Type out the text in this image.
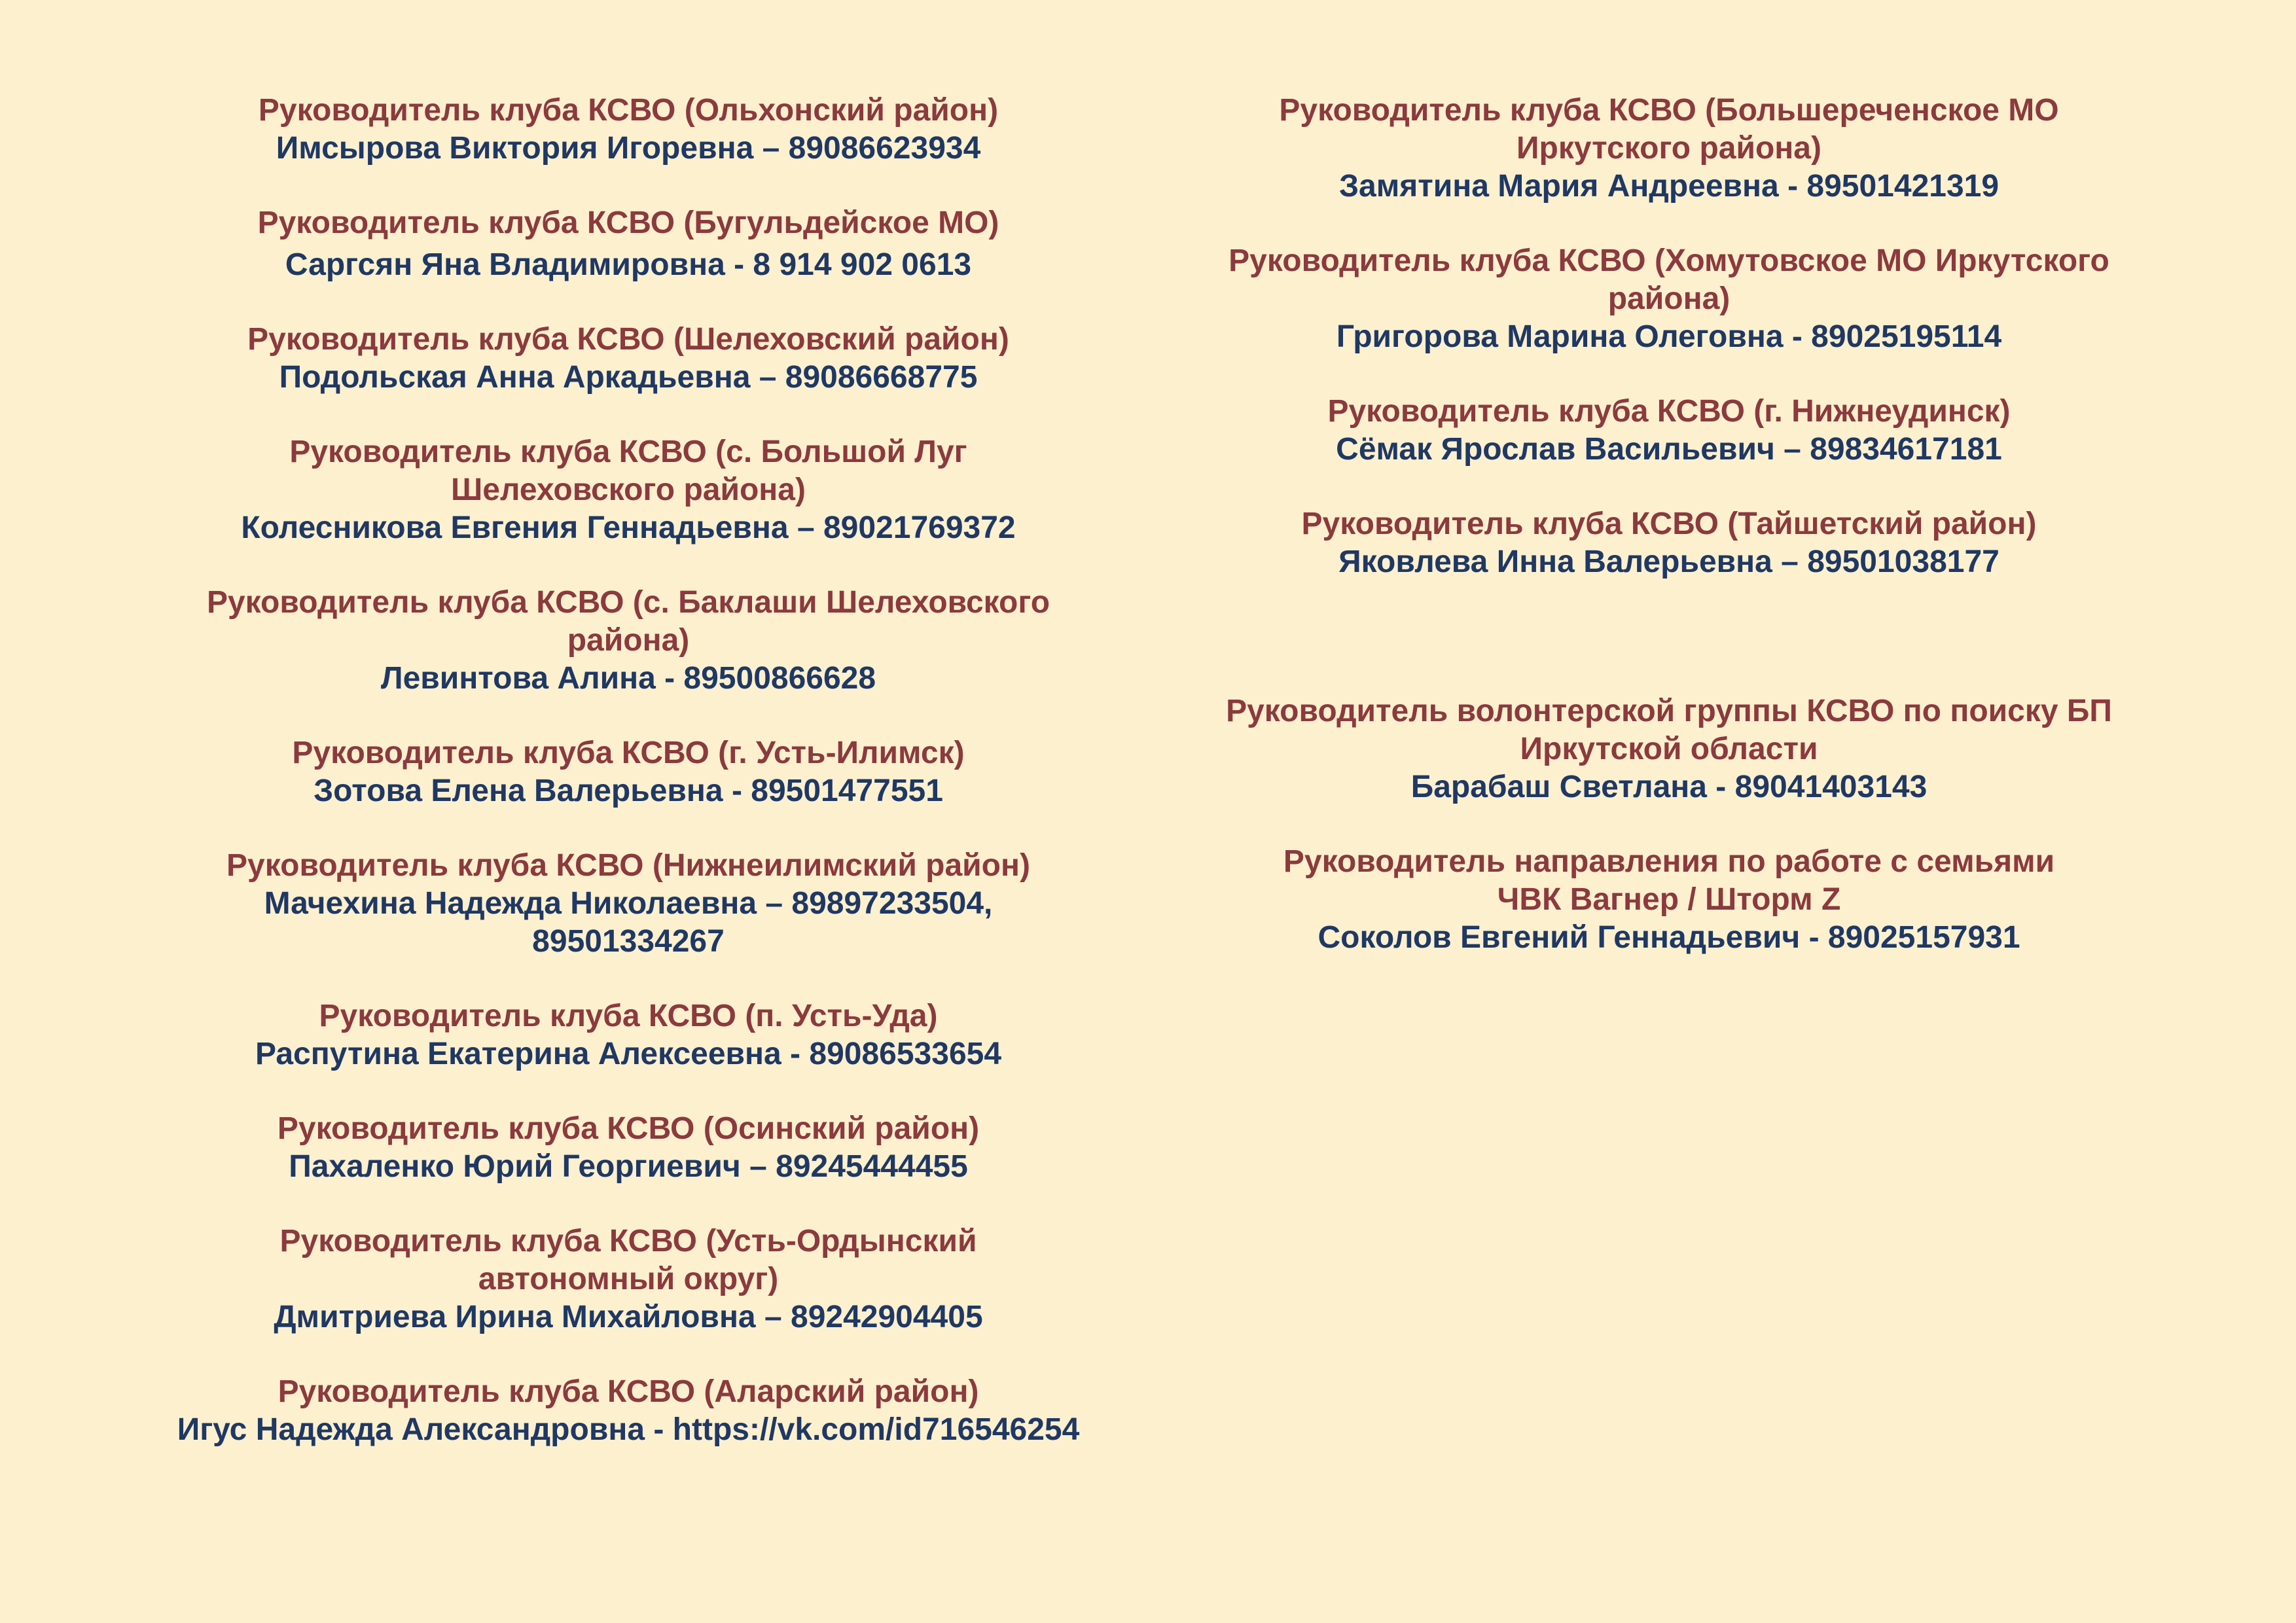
Руководитель клуба КСВО (Ольхонский район)
Имсырова Виктория Игоревна – 89086623934
Руководитель клуба КСВО (Бугульдейское МО)
Саргсян Яна Владимировна - 8 914 902 0613
Руководитель клуба КСВО (Шелеховский район)
Подольская Анна Аркадьевна – 89086668775
Руководитель клуба КСВО (с. Большой Луг
Шелеховского района)
Колесникова Евгения Геннадьевна – 89021769372
Руководитель клуба КСВО (с. Баклаши Шелеховского
района)
Левинтова Алина - 89500866628
Руководитель клуба КСВО (г. Усть-Илимск)
Зотова Елена Валерьевна - 89501477551
Руководитель клуба КСВО (Нижнеилимский район)
Мачехина Надежда Николаевна – 89897233504,
89501334267
Руководитель клуба КСВО (п. Усть-Уда)
Распутина Екатерина Алексеевна - 89086533654
Руководитель клуба КСВО (Осинский район)
Пахаленко Юрий Георгиевич – 89245444455
Руководитель клуба КСВО (Усть-Ордынский
автономный округ)
Дмитриева Ирина Михайловна – 89242904405
Руководитель клуба КСВО (Аларский район)
Игус Надежда Александровна - https://vk.com/id716546254
Руководитель клуба КСВО (Большереченское МО
Иркутского района)
Замятина Мария Андреевна - 89501421319
Руководитель клуба КСВО (Хомутовское МО Иркутского
района)
Григорова Марина Олеговна - 89025195114
Руководитель клуба КСВО (г. Нижнеудинск)
Сёмак Ярослав Васильевич – 89834617181
Руководитель клуба КСВО (Тайшетский район)
Яковлева Инна Валерьевна – 89501038177
Руководитель волонтерской группы КСВО по поиску БП
Иркутской области
Барабаш Светлана - 89041403143
Руководитель направления по работе с семьями
ЧВК Вагнер / Шторм Z
Соколов Евгений Геннадьевич - 89025157931
